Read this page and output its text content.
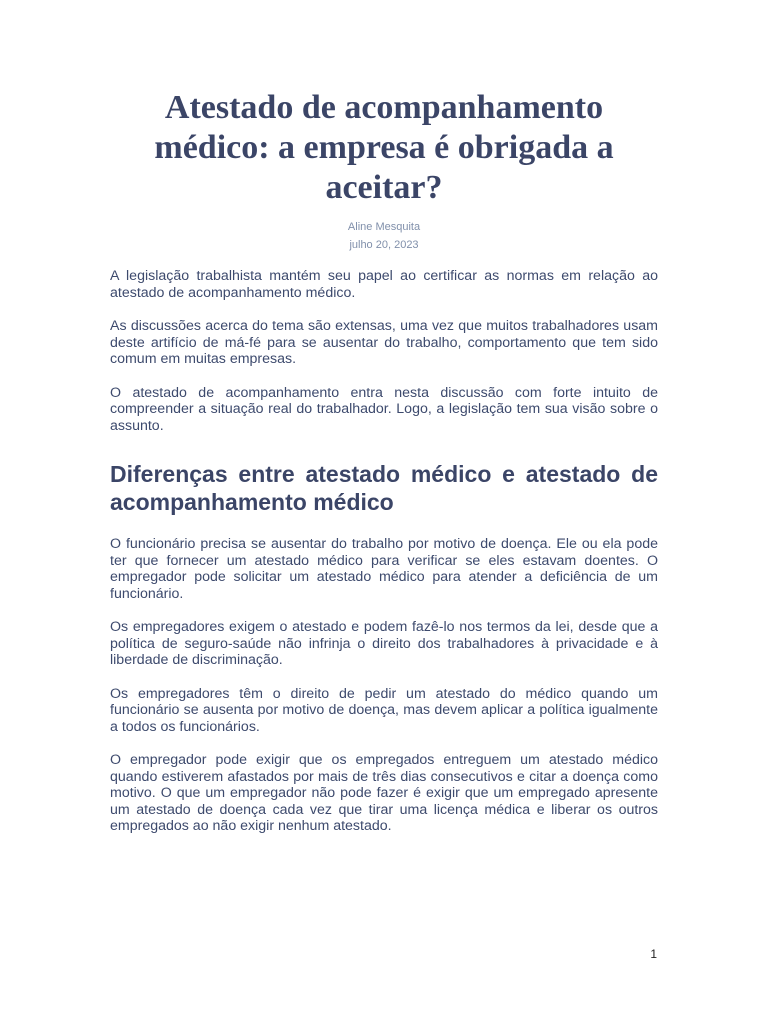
Atestado de acompanhamento médico: a empresa é obrigada a aceitar?
Aline Mesquita
julho 20, 2023

A legislação trabalhista mantém seu papel ao certificar as normas em relação ao atestado de acompanhamento médico.

As discussões acerca do tema são extensas, uma vez que muitos trabalhadores usam deste artifício de má-fé para se ausentar do trabalho, comportamento que tem sido comum em muitas empresas.

O atestado de acompanhamento entra nesta discussão com forte intuito de compreender a situação real do trabalhador. Logo, a legislação tem sua visão sobre o assunto.

Diferenças entre atestado médico e atestado de acompanhamento médico

O funcionário precisa se ausentar do trabalho por motivo de doença. Ele ou ela pode ter que fornecer um atestado médico para verificar se eles estavam doentes. O empregador pode solicitar um atestado médico para atender a deficiência de um funcionário.

Os empregadores exigem o atestado e podem fazê-lo nos termos da lei, desde que a política de seguro-saúde não infrinja o direito dos trabalhadores à privacidade e à liberdade de discriminação.

Os empregadores têm o direito de pedir um atestado do médico quando um funcionário se ausenta por motivo de doença, mas devem aplicar a política igualmente a todos os funcionários.

O empregador pode exigir que os empregados entreguem um atestado médico quando estiverem afastados por mais de três dias consecutivos e citar a doença como motivo. O que um empregador não pode fazer é exigir que um empregado apresente um atestado de doença cada vez que tirar uma licença médica e liberar os outros empregados ao não exigir nenhum atestado.

1
